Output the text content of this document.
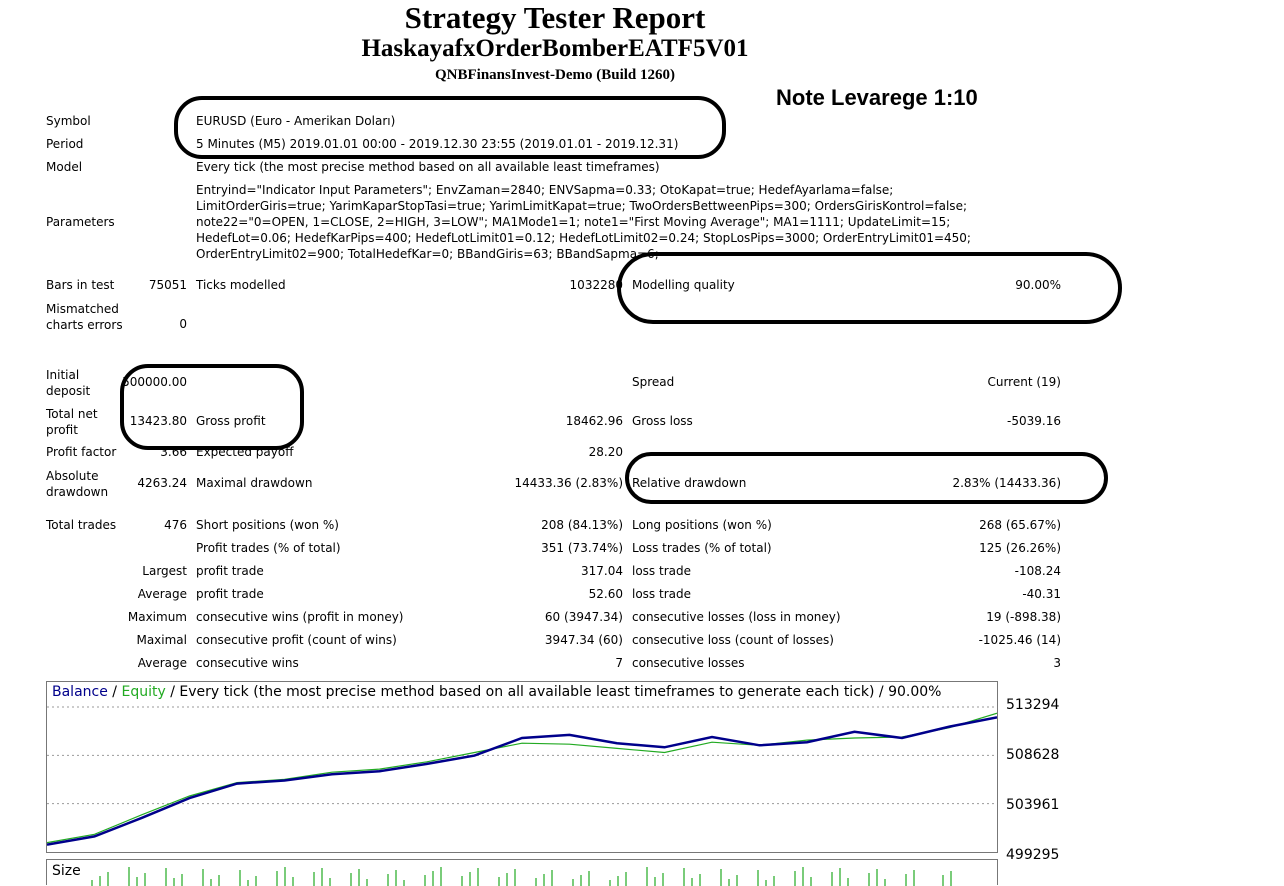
Strategy Tester Report
HaskayafxOrderBomberEATF5V01
QNBFinansInvest-Demo (Build 1260)
Note Levarege 1:10
Symbol	EURUSD (Euro - Amerikan Doları)
Period	5 Minutes (M5) 2019.01.01 00:00 - 2019.12.30 23:55 (2019.01.01 - 2019.12.31)
Model	Every tick (the most precise method based on all available least timeframes)
Parameters
Entryind="Indicator Input Parameters"; EnvZaman=2840; ENVSapma=0.33; OtoKapat=true; HedefAyarlama=false; LimitOrderGiris=true; YarimKaparStopTasi=true; YarimLimitKapat=true; TwoOrdersBettweenPips=300; OrdersGirisKontrol=false; note22="0=OPEN, 1=CLOSE, 2=HIGH, 3=LOW"; MA1Mode1=1; note1="First Moving Average"; MA1=1111; UpdateLimit=15; HedefLot=0.06; HedefKarPips=400; HedefLotLimit01=0.12; HedefLotLimit02=0.24; StopLosPips=3000; OrderEntryLimit01=450; OrderEntryLimit02=900; TotalHedefKar=0; BBandGiris=63; BBandSapma=6;
Bars in test	75051 Ticks modelled	1032280 Modelling quality	90.00%
Mismatched charts errors	0
Initial deposit
500000.00	Spread	Current (19)
Total net profit
13423.80 Gross profit	18462.96 Gross loss	-5039.16
Profit factor	3.66 Expected payoff	28.20
Absolute drawdown
4263.24 Maximal drawdown	14433.36 (2.83%) Relative drawdown	2.83% (14433.36)
Total trades	476 Short positions (won %)	208 (84.13%) Long positions (won %)	268 (65.67%)
Profit trades (% of total)	351 (73.74%) Loss trades (% of total)	125 (26.26%)
Largest profit trade	317.04 loss trade	-108.24
Average profit trade	52.60 loss trade	-40.31
Maximum consecutive wins (profit in money)	60 (3947.34) consecutive losses (loss in money)	19 (-898.38)
Maximal consecutive profit (count of wins)	3947.34 (60) consecutive loss (count of losses)	-1025.46 (14)
Average consecutive wins	7 consecutive losses	3
Balance / Equity / Every tick (the most precise method based on all available least timeframes to generate each tick) / 90.00%
513294
508628
503961
499295
Size
